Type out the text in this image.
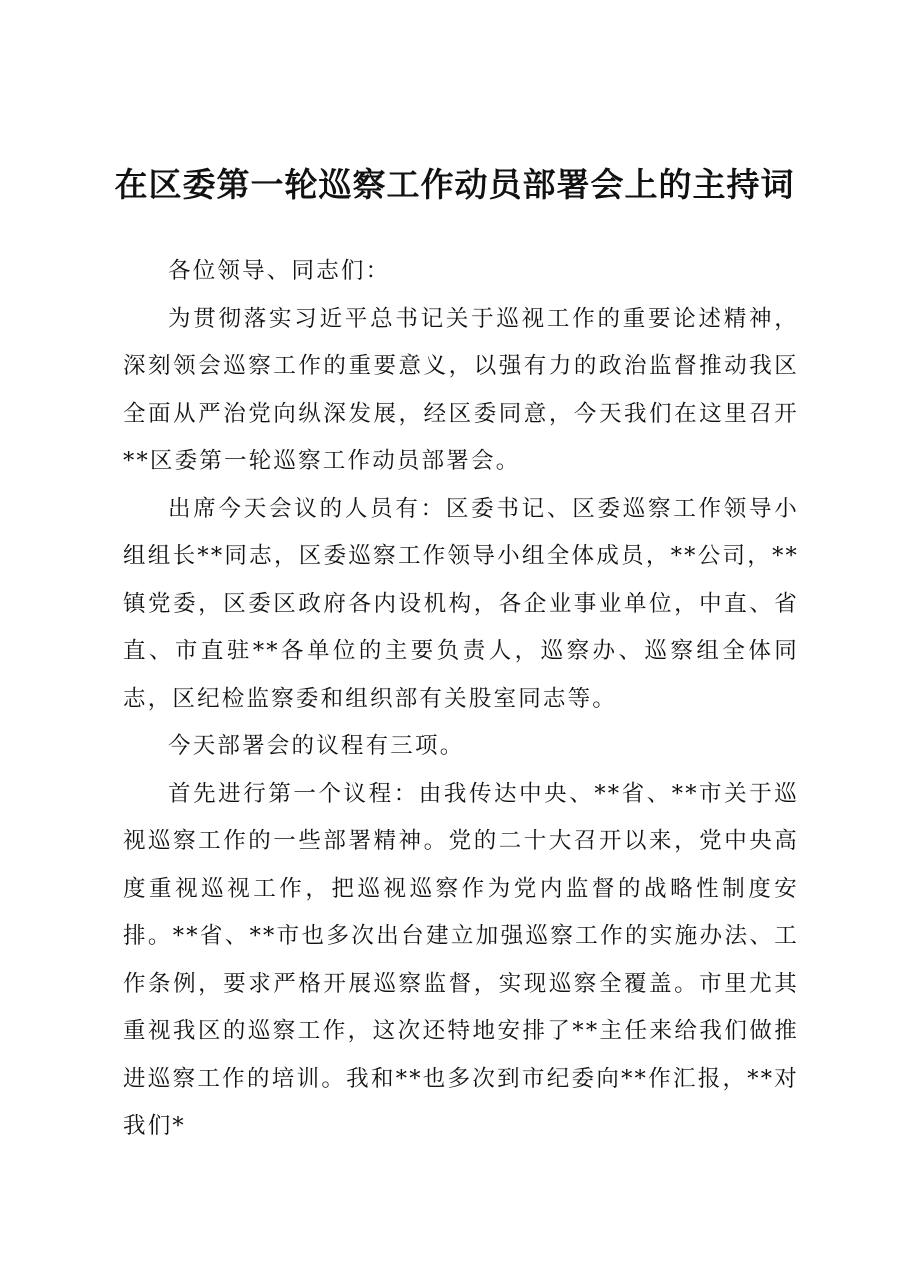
在区委第一轮巡察工作动员部署会上的主持词

各位领导、同志们：

为贯彻落实习近平总书记关于巡视工作的重要论述精神，深刻领会巡察工作的重要意义，以强有力的政治监督推动我区全面从严治党向纵深发展，经区委同意，今天我们在这里召开**区委第一轮巡察工作动员部署会。

出席今天会议的人员有：区委书记、区委巡察工作领导小组组长**同志，区委巡察工作领导小组全体成员，**公司，**镇党委，区委区政府各内设机构，各企业事业单位，中直、省直、市直驻**各单位的主要负责人，巡察办、巡察组全体同志，区纪检监察委和组织部有关股室同志等。

今天部署会的议程有三项。

首先进行第一个议程：由我传达中央、**省、**市关于巡视巡察工作的一些部署精神。党的二十大召开以来，党中央高度重视巡视工作，把巡视巡察作为党内监督的战略性制度安排。**省、**市也多次出台建立加强巡察工作的实施办法、工作条例，要求严格开展巡察监督，实现巡察全覆盖。市里尤其重视我区的巡察工作，这次还特地安排了**主任来给我们做推进巡察工作的培训。我和**也多次到市纪委向**作汇报，**对我们*
